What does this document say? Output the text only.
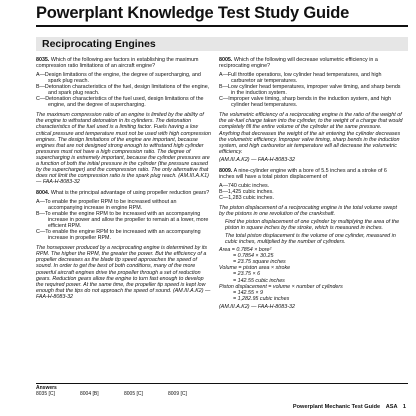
Powerplant Knowledge Test Study Guide
Reciprocating Engines

8035. Which of the following are factors in establishing the maximum compression ratio limitations of an aircraft engine?

A—Design limitations of the engine, the degree of supercharging, and spark plug reach.

B—Detonation characteristics of the fuel, design limitations of the engine, and spark plug reach.

C—Detonation characteristics of the fuel used, design limitations of the engine, and the degree of supercharging.

The maximum compression ratio of an engine is limited by the ability of the engine to withstand detonation in its cylinders. The detonation characteristics of the fuel used is a limiting factor. Fuels having a low critical pressure and temperature must not be used with high compression engines. The design limitations of the engine are important, because engines that are not designed strong enough to withstand high cylinder pressures must not have a high compression ratio. The degree of supercharging is extremely important, because the cylinder pressures are a function of both the initial pressure in the cylinder (the pressure caused by the supercharger) and the compression ratio. The only alternative that does not limit the compression ratio is the spark plug reach. (AM.III.A.K1) — FAA-H-8083-32

8004. What is the principal advantage of using propeller reduction gears?

A—To enable the propeller RPM to be increased without an accompanying increase in engine RPM.

B—To enable the engine RPM to be increased with an accompanying increase in power and allow the propeller to remain at a lower, more efficient RPM.

C—To enable the engine RPM to be increased with an accompanying increase in propeller RPM.

The horsepower produced by a reciprocating engine is determined by its RPM. The higher the RPM, the greater the power. But the efficiency of a propeller decreases as the blade tip speed approaches the speed of sound. In order to get the best of both conditions, many of the more powerful aircraft engines drive the propeller through a set of reduction gears. Reduction gears allow the engine to turn fast enough to develop the required power. At the same time, the propeller tip speed is kept low enough that the tips do not approach the speed of sound. (AM.III.A.K2) — FAA-H-8083-32

8005. Which of the following will decrease volumetric efficiency in a reciprocating engine?

A—Full throttle operations, low cylinder head temperatures, and high carburetor air temperatures.

B—Low cylinder head temperatures, improper valve timing, and sharp bends in the induction system.

C—Improper valve timing, sharp bends in the induction system, and high cylinder head temperatures.

The volumetric efficiency of a reciprocating engine is the ratio of the weight of the air-fuel charge taken into the cylinder, to the weight of a charge that would completely fill the entire volume of the cylinder at the same pressure. Anything that decreases the weight of the air entering the cylinder decreases the volumetric efficiency. Improper valve timing, sharp bends in the induction system, and high carburetor air temperature will all decrease the volumetric efficiency.

(AM.III.A.K2) — FAA-H-8083-32

8009. A nine-cylinder engine with a bore of 5.5 inches and a stroke of 6 inches will have a total piston displacement of

A—740 cubic inches.

B—1,425 cubic inches.

C—1,283 cubic inches.

The piston displacement of a reciprocating engine is the total volume swept by the pistons in one revolution of the crankshaft.

Find the piston displacement of one cylinder by multiplying the area of the piston in square inches by the stroke, which is measured in inches.

The total piston displacement is the volume of one cylinder, measured in cubic inches, multiplied by the number of cylinders.

Area = 0.7854 × bore²

= 0.7854 × 30.25

= 23.75 square inches

Volume = piston area × stroke

= 23.75 × 6

= 142.55 cubic inches

Piston displacement = volume × number of cylinders

= 142.55 × 9

= 1,282.95 cubic inches

(AM.III.A.K2) — FAA-H-8083-32

Answers
8035 [C]	8004 [B]	8005 [C]	8009 [C]
Powerplant Mechanic Test Guide ASA 1
